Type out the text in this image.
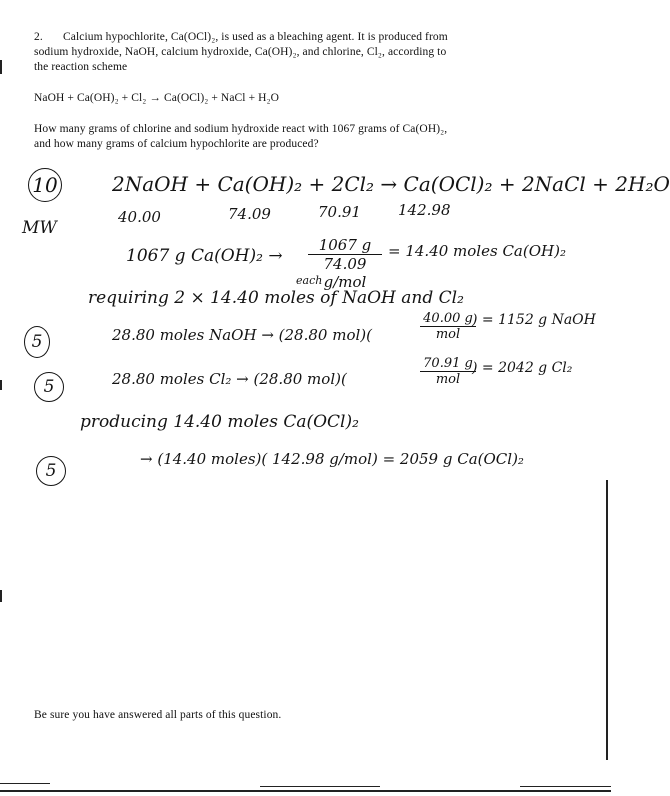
2. Calcium hypochlorite, Ca(OCl)₂, is used as a bleaching agent. It is produced from
sodium hydroxide, NaOH, calcium hydroxide, Ca(OH)₂, and chlorine, Cl₂, according to
the reaction scheme
NaOH + Ca(OH)₂ + Cl₂ → Ca(OCl)₂ + NaCl + H₂O
How many grams of chlorine and sodium hydroxide react with 1067 grams of Ca(OH)₂,
and how many grams of calcium hypochlorite are produced?
10	2NaOH + Ca(OH)₂ + 2Cl₂ → Ca(OCl)₂ + 2NaCl + 2H₂O
MW
40.00	74.09	70.91 142.98
1067 g Ca(OH)₂ →
1067 g
74.09 g/mol
= 14.40 moles Ca(OH)₂
each
requiring 2 × 14.40 moles of NaOH and Cl₂
5	28.80 moles NaOH → (28.80 mol)(
40.00 g
mol
) = 1152 g NaOH
5	28.80 moles Cl₂ → (28.80 mol)(
70.91 g
mol
) = 2042 g Cl₂
producing 14.40 moles Ca(OCl)₂
5
→ (14.40 moles)( 142.98 g/mol) = 2059 g Ca(OCl)₂
Be sure you have answered all parts of this question.
